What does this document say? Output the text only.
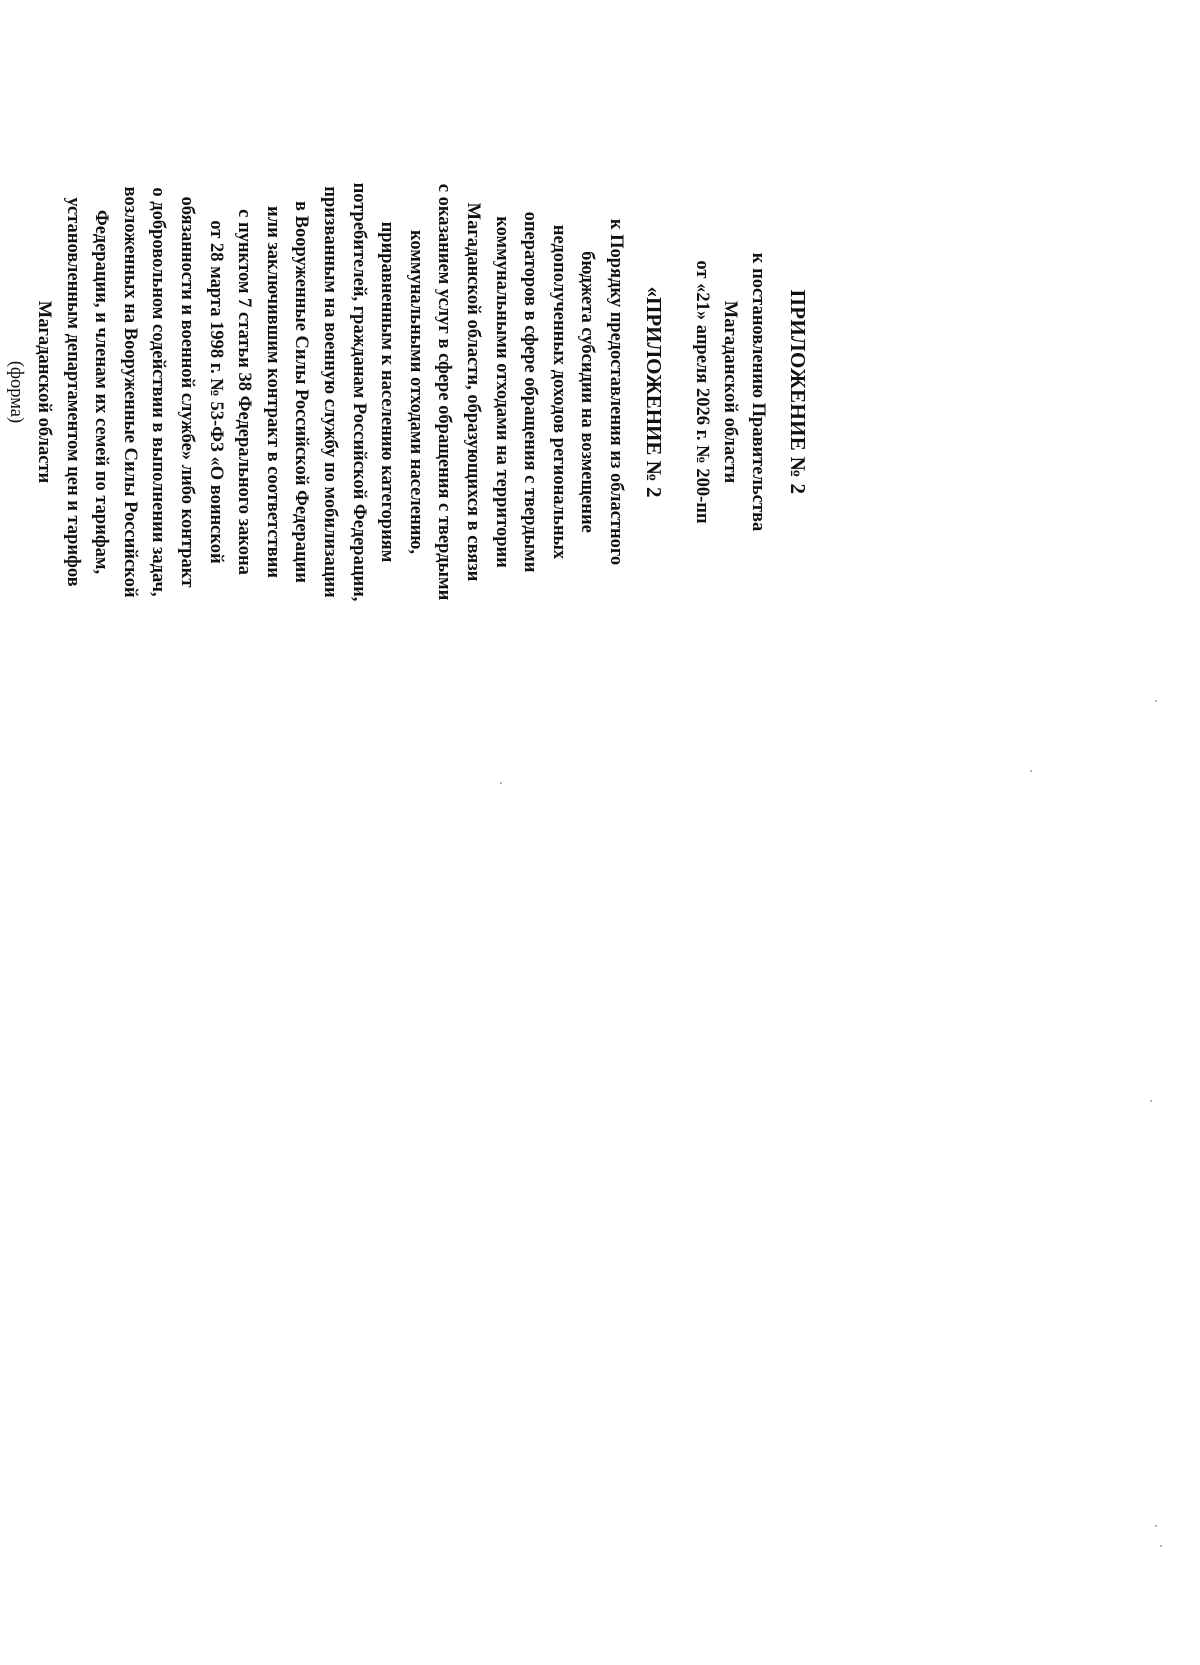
ПРИЛОЖЕНИЕ № 2
к постановлению Правительства
Магаданской области
от «21» апреля 2026 г. № 200-пп
«ПРИЛОЖЕНИЕ № 2
к Порядку предоставления из областного
бюджета субсидии на возмещение
недополученных доходов региональных
операторов в сфере обращения с твердыми
коммунальными отходами на территории
Магаданской области, образующихся в связи
с оказанием услуг в сфере обращения с твердыми
коммунальными отходами населению,
приравненным к населению категориям
потребителей, гражданам Российской Федерации,
призванным на военную службу по мобилизации
в Вооруженные Силы Российской Федерации
или заключившим контракт в соответствии
с пунктом 7 статьи 38 Федерального закона
от 28 марта 1998 г. № 53-ФЗ «О воинской
обязанности и военной службе» либо контракт
о добровольном содействии в выполнении задач,
возложенных на Вооруженные Силы Российской
Федерации, и членам их семей по тарифам,
установленным департаментом цен и тарифов
Магаданской области
(форма)
